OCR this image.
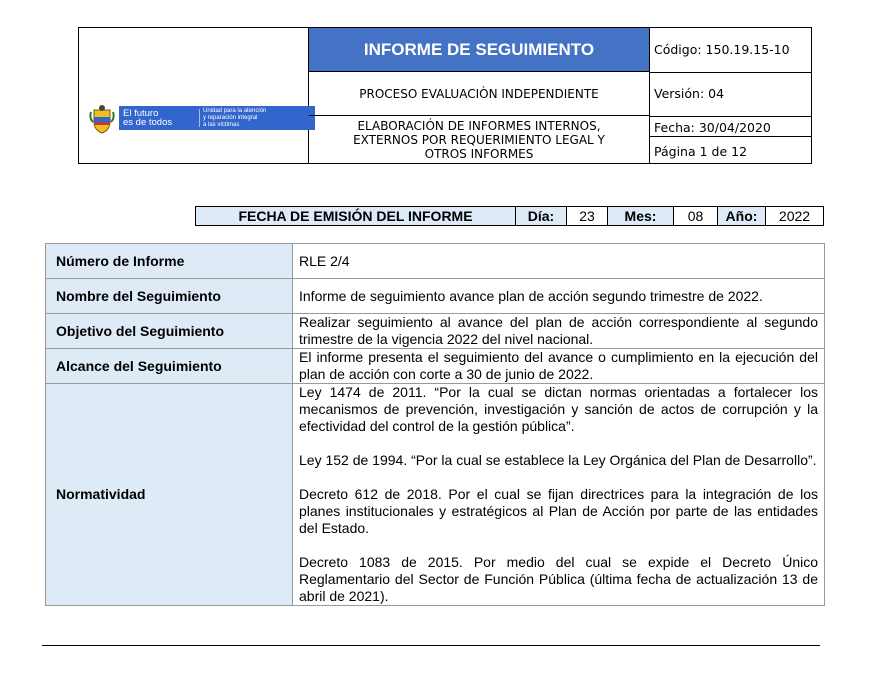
El futuro
es de todos
Unidad para la atención
y reparación integral
a las víctimas
INFORME DE SEGUIMIENTO
PROCESO EVALUACIÒN INDEPENDIENTE
ELABORACIÓN DE INFORMES INTERNOS,
EXTERNOS POR REQUERIMIENTO LEGAL Y
OTROS INFORMES
Código: 150.19.15-10
Versión: 04
Fecha: 30/04/2020
Página 1 de 12
FECHA DE EMISIÓN DEL INFORME	Día:	23	Mes:	08	Año:	2022
Número de Informe	RLE 2/4
Nombre del Seguimiento	Informe de seguimiento avance plan de acción segundo trimestre de 2022.
Objetivo del Seguimiento	Realizar seguimiento al avance del plan de acción correspondiente al segundo trimestre de la vigencia 2022 del nivel nacional.
Alcance del Seguimiento	El informe presenta el seguimiento del avance o cumplimiento en la ejecución del plan de acción con corte a 30 de junio de 2022.
Normatividad	Ley 1474 de 2011. “Por la cual se dictan normas orientadas a fortalecer los mecanismos de prevención, investigación y sanción de actos de corrupción y la efectividad del control de la gestión pública”.

Ley 152 de 1994. “Por la cual se establece la Ley Orgánica del Plan de Desarrollo”.

Decreto 612 de 2018. Por el cual se fijan directrices para la integración de los planes institucionales y estratégicos al Plan de Acción por parte de las entidades del Estado.

Decreto 1083 de 2015. Por medio del cual se expide el Decreto Único Reglamentario del Sector de Función Pública (última fecha de actualización 13 de abril de 2021).
